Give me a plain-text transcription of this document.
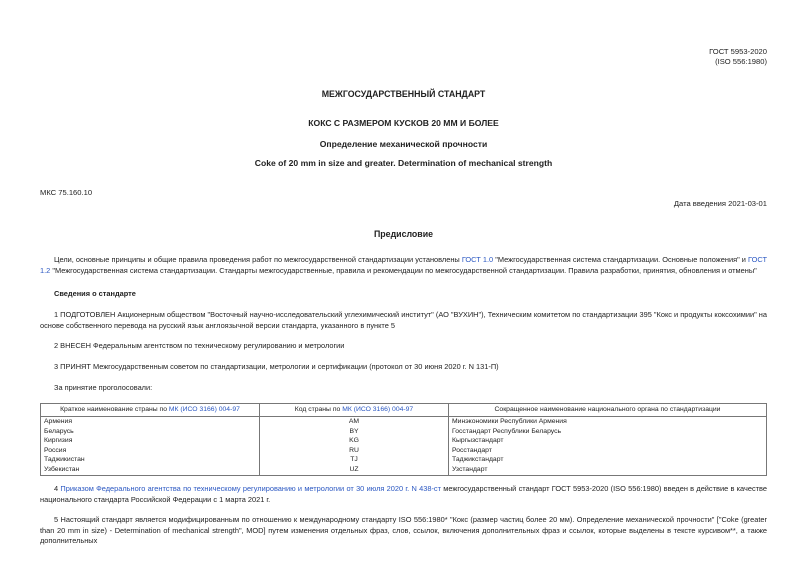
ГОСТ 5953-2020
(ISO 556:1980)
МЕЖГОСУДАРСТВЕННЫЙ СТАНДАРТ
КОКС С РАЗМЕРОМ КУСКОВ 20 ММ И БОЛЕЕ
Определение механической прочности
Coke of 20 mm in size and greater. Determination of mechanical strength
МКС 75.160.10
Дата введения 2021-03-01
Предисловие
Цели, основные принципы и общие правила проведения работ по межгосударственной стандартизации установлены ГОСТ 1.0 "Межгосударственная система стандартизации. Основные положения" и ГОСТ 1.2 "Межгосударственная система стандартизации. Стандарты межгосударственные, правила и рекомендации по межгосударственной стандартизации. Правила разработки, принятия, обновления и отмены"
Сведения о стандарте
1 ПОДГОТОВЛЕН Акционерным обществом "Восточный научно-исследовательский углехимический институт" (АО "ВУХИН"), Техническим комитетом по стандартизации 395 "Кокс и продукты коксохимии" на основе собственного перевода на русский язык англоязычной версии стандарта, указанного в пункте 5
2 ВНЕСЕН Федеральным агентством по техническому регулированию и метрологии
3 ПРИНЯТ Межгосударственным советом по стандартизации, метрологии и сертификации (протокол от 30 июня 2020 г. N 131-П)
За принятие проголосовали:
Краткое наименование страны по МК (ИСО 3166) 004-97	Код страны по МК (ИСО 3166) 004-97	Сокращенное наименование национального органа по стандартизации
Армения	AM	Минэкономики Республики Армения
Беларусь	BY	Госстандарт Республики Беларусь
Киргизия	KG	Кыргызстандарт
Россия	RU	Росстандарт
Таджикистан	TJ	Таджикстандарт
Узбекистан	UZ	Узстандарт
4 Приказом Федерального агентства по техническому регулированию и метрологии от 30 июля 2020 г. N 438-ст межгосударственный стандарт ГОСТ 5953-2020 (ISO 556:1980) введен в действие в качестве национального стандарта Российской Федерации с 1 марта 2021 г.
5 Настоящий стандарт является модифицированным по отношению к международному стандарту ISO 556:1980* "Кокс (размер частиц более 20 мм). Определение механической прочности" ["Coke (greater than 20 mm in size) - Determination of mechanical strength", MOD] путем изменения отдельных фраз, слов, ссылок, включения дополнительных фраз и ссылок, которые выделены в тексте курсивом**, а также дополнительных
